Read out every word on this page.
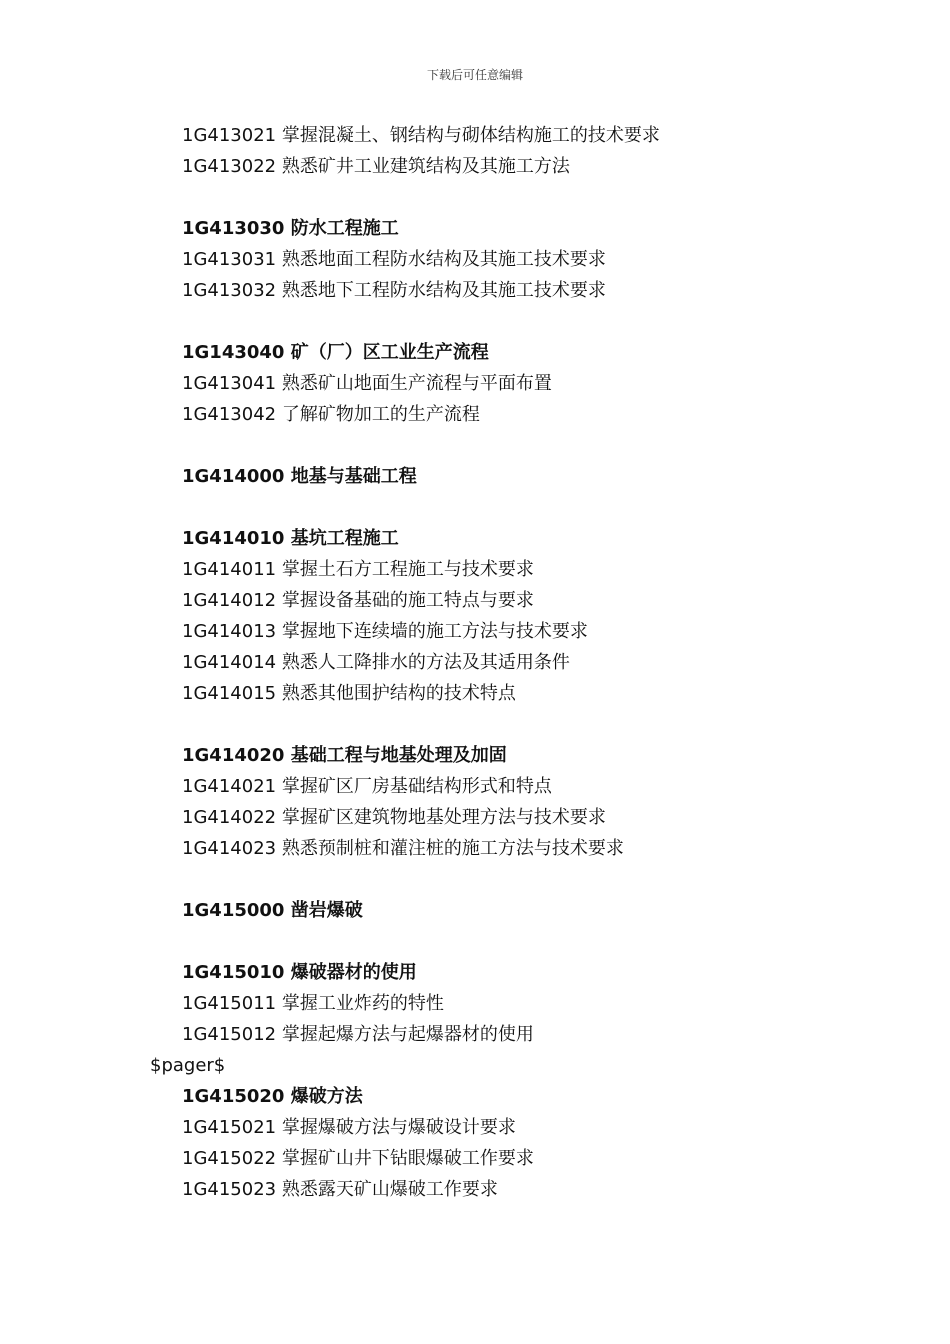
下载后可任意编辑
1G413021 掌握混凝土、钢结构与砌体结构施工的技术要求
1G413022 熟悉矿井工业建筑结构及其施工方法
1G413030 防水工程施工
1G413031 熟悉地面工程防水结构及其施工技术要求
1G413032 熟悉地下工程防水结构及其施工技术要求
1G143040 矿（厂）区工业生产流程
1G413041 熟悉矿山地面生产流程与平面布置
1G413042 了解矿物加工的生产流程
1G414000 地基与基础工程
1G414010 基坑工程施工
1G414011 掌握土石方工程施工与技术要求
1G414012 掌握设备基础的施工特点与要求
1G414013 掌握地下连续墙的施工方法与技术要求
1G414014 熟悉人工降排水的方法及其适用条件
1G414015 熟悉其他围护结构的技术特点
1G414020 基础工程与地基处理及加固
1G414021 掌握矿区厂房基础结构形式和特点
1G414022 掌握矿区建筑物地基处理方法与技术要求
1G414023 熟悉预制桩和灌注桩的施工方法与技术要求
1G415000 凿岩爆破
1G415010 爆破器材的使用
1G415011 掌握工业炸药的特性
1G415012 掌握起爆方法与起爆器材的使用
$pager$
1G415020 爆破方法
1G415021 掌握爆破方法与爆破设计要求
1G415022 掌握矿山井下钻眼爆破工作要求
1G415023 熟悉露天矿山爆破工作要求
